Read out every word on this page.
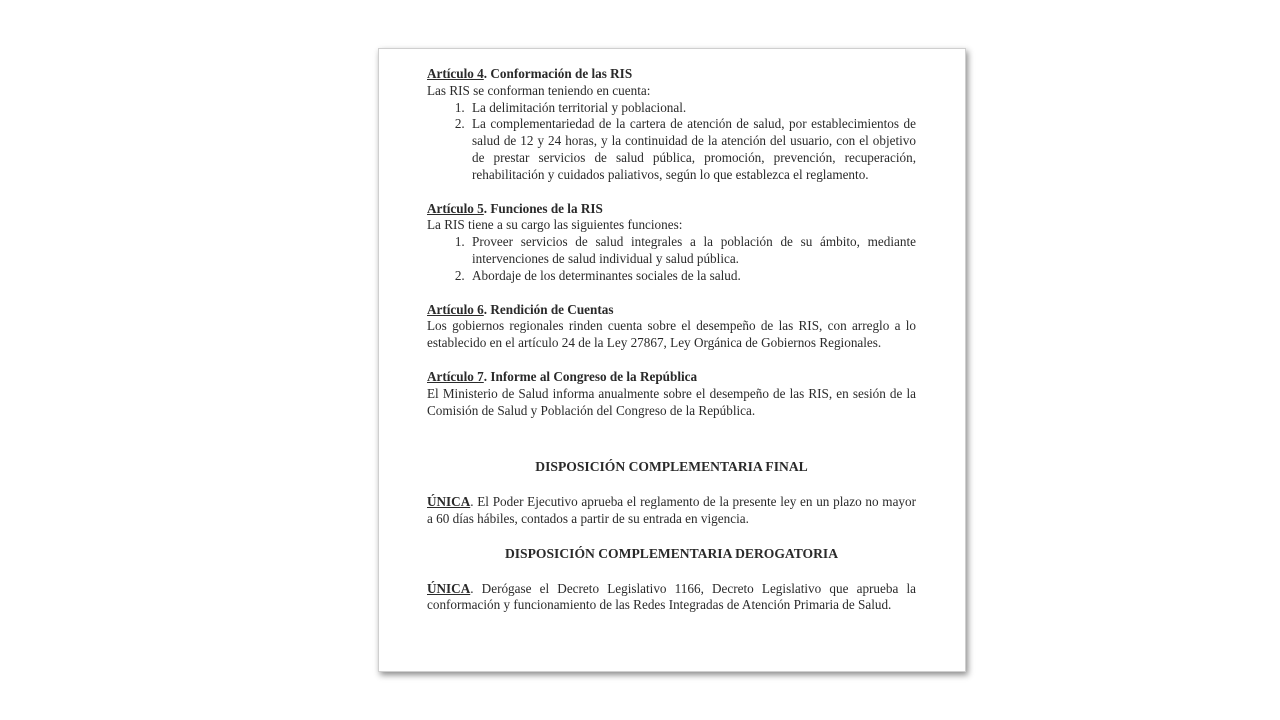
Artículo 4. Conformación de las RIS

Las RIS se conforman teniendo en cuenta:

1. La delimitación territorial y poblacional.
2. La complementariedad de la cartera de atención de salud, por establecimientos de salud de 12 y 24 horas, y la continuidad de la atención del usuario, con el objetivo de prestar servicios de salud pública, promoción, prevención, recuperación, rehabilitación y cuidados paliativos, según lo que establezca el reglamento.

Artículo 5. Funciones de la RIS

La RIS tiene a su cargo las siguientes funciones:

1. Proveer servicios de salud integrales a la población de su ámbito, mediante intervenciones de salud individual y salud pública.
2. Abordaje de los determinantes sociales de la salud.

Artículo 6. Rendición de Cuentas

Los gobiernos regionales rinden cuenta sobre el desempeño de las RIS, con arreglo a lo establecido en el artículo 24 de la Ley 27867, Ley Orgánica de Gobiernos Regionales.

Artículo 7. Informe al Congreso de la República

El Ministerio de Salud informa anualmente sobre el desempeño de las RIS, en sesión de la Comisión de Salud y Población del Congreso de la República.

DISPOSICIÓN COMPLEMENTARIA FINAL

ÚNICA. El Poder Ejecutivo aprueba el reglamento de la presente ley en un plazo no mayor a 60 días hábiles, contados a partir de su entrada en vigencia.

DISPOSICIÓN COMPLEMENTARIA DEROGATORIA

ÚNICA. Derógase el Decreto Legislativo 1166, Decreto Legislativo que aprueba la conformación y funcionamiento de las Redes Integradas de Atención Primaria de Salud.
